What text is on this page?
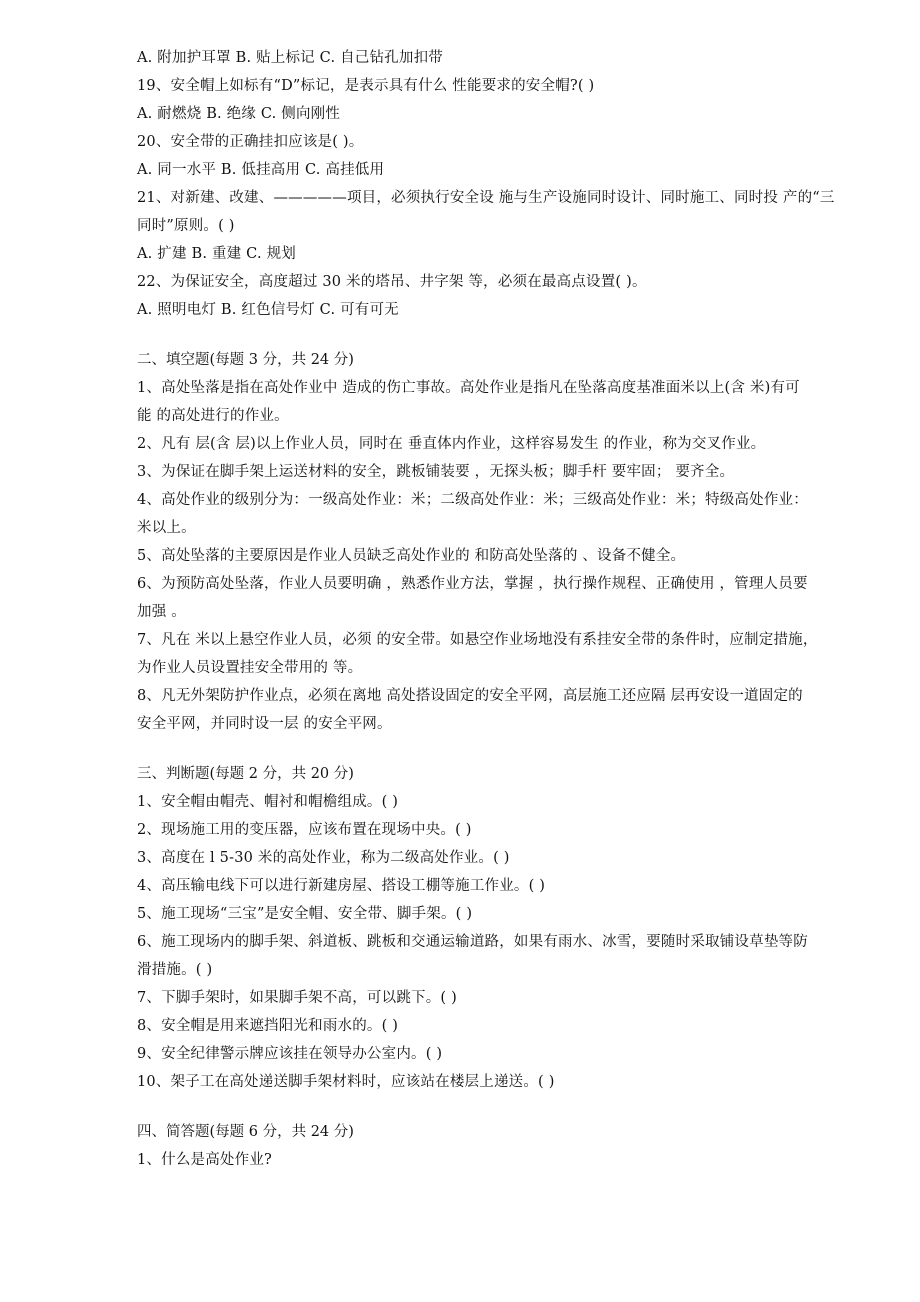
A. 附加护耳罩 B. 贴上标记 C. 自己钻孔加扣带
19、安全帽上如标有“D”标记，是表示具有什么 性能要求的安全帽?( )
A. 耐燃烧 B. 绝缘 C. 侧向刚性
20、安全带的正确挂扣应该是( )。
A. 同一水平 B. 低挂高用 C. 高挂低用
21、对新建、改建、—————项目，必须执行安全设 施与生产设施同时设计、同时施工、同时投 产的“三
同时”原则。( )
A. 扩建 B. 重建 C. 规划
22、为保证安全，高度超过 30 米的塔吊、井字架 等，必须在最高点设置( )。
A. 照明电灯 B. 红色信号灯 C. 可有可无
二、填空题(每题 3 分，共 24 分)
1、高处坠落是指在高处作业中 造成的伤亡事故。高处作业是指凡在坠落高度基准面米以上(含 米)有可
能 的高处进行的作业。
2、凡有 层(含 层)以上作业人员，同时在 垂直体内作业，这样容易发生 的作业，称为交叉作业。
3、为保证在脚手架上运送材料的安全，跳板铺装要 ，无探头板；脚手杆 要牢固； 要齐全。
4、高处作业的级别分为：一级高处作业：米；二级高处作业：米；三级高处作业：米；特级高处作业：
米以上。
5、高处坠落的主要原因是作业人员缺乏高处作业的 和防高处坠落的 、设备不健全。
6、为预防高处坠落，作业人员要明确 ，熟悉作业方法，掌握 ，执行操作规程、正确使用 ，管理人员要
加强 。
7、凡在 米以上悬空作业人员，必须 的安全带。如悬空作业场地没有系挂安全带的条件时，应制定措施，
为作业人员设置挂安全带用的 等。
8、凡无外架防护作业点，必须在离地 高处搭设固定的安全平网，高层施工还应隔 层再安设一道固定的
安全平网，并同时设一层 的安全平网。
三、判断题(每题 2 分，共 20 分)
1、安全帽由帽壳、帽衬和帽檐组成。( )
2、现场施工用的变压器，应该布置在现场中央。( )
3、高度在 l 5-30 米的高处作业，称为二级高处作业。( )
4、高压输电线下可以进行新建房屋、搭设工棚等施工作业。( )
5、施工现场“三宝”是安全帽、安全带、脚手架。( )
6、施工现场内的脚手架、斜道板、跳板和交通运输道路，如果有雨水、冰雪，要随时采取铺设草垫等防
滑措施。( )
7、下脚手架时，如果脚手架不高，可以跳下。( )
8、安全帽是用来遮挡阳光和雨水的。( )
9、安全纪律警示牌应该挂在领导办公室内。( )
10、架子工在高处递送脚手架材料时，应该站在楼层上递送。( )
四、简答题(每题 6 分，共 24 分)
1、什么是高处作业?
